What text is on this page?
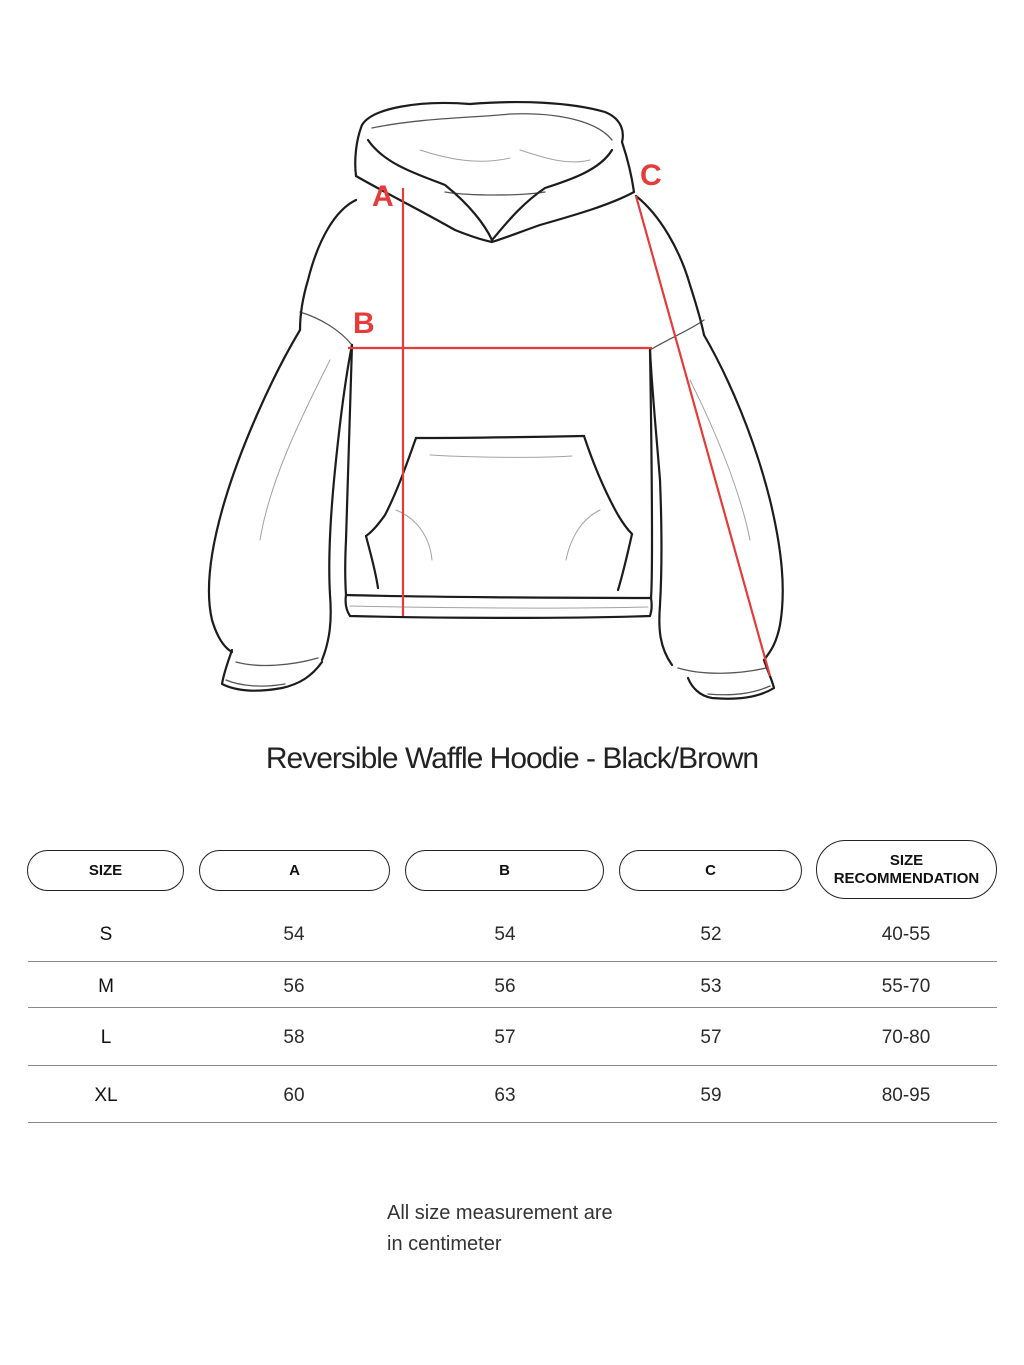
A
B
C
Reversible Waffle Hoodie - Black/Brown
SIZE	A	B	C
SIZE
RECOMMENDATION
S	54	54	52	40-55
M	56	56	53	55-70
L	58	57	57	70-80
XL	60	63	59	80-95
All size measurement are
in centimeter
